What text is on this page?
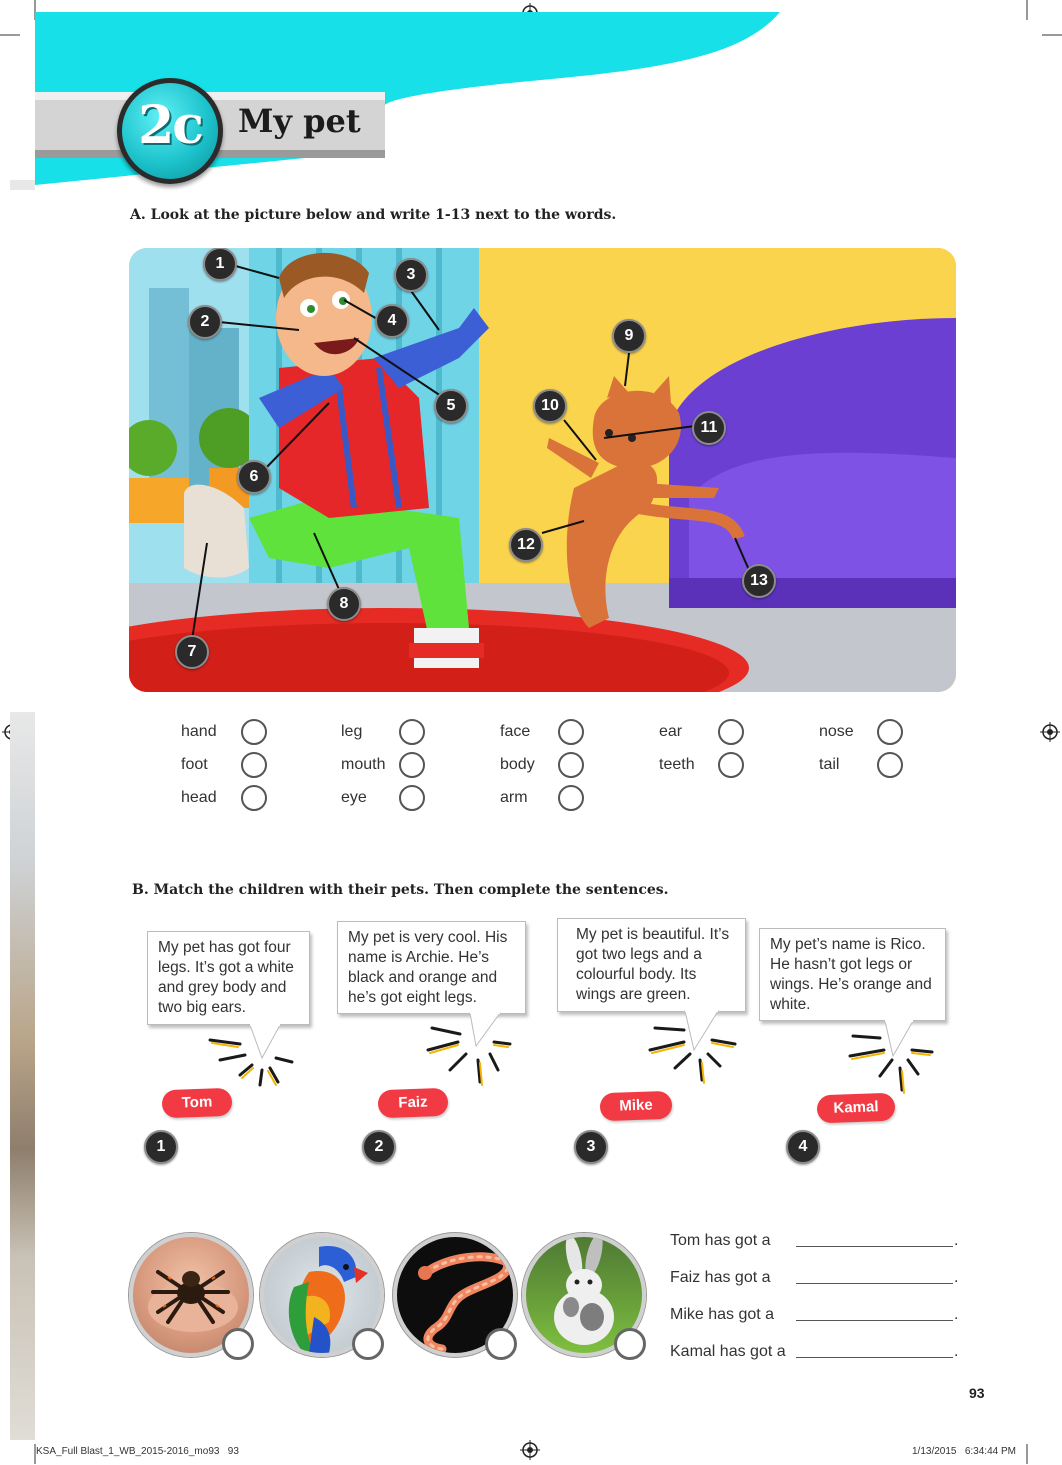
2c	My pet
A. Look at the picture below and write 1-13 next to the words.
1
2
3
4
5
6
7
8
9
10
11
12
13
hand	leg	face	ear	nose
foot	mouth	body	teeth	tail
head	eye	arm
B. Match the children with their pets. Then complete the sentences.
My pet has got four legs. It’s got a white and grey body and two big ears.
My pet is very cool. His name is Archie. He’s black and orange and he’s got eight legs.
My pet is beautiful. It’s got two legs and a colourful body. Its wings are green.
My pet’s name is Rico. He hasn’t got legs or wings. He’s orange and white.
Tom	Faiz	Mike	Kamal
1	2	3	4
Tom has got a	.
Faiz has got a	.
Mike has got a	.
Kamal has got a	.
93
KSA_Full Blast_1_WB_2015-2016_mo93   93	1/13/2015   6:34:44 PM
